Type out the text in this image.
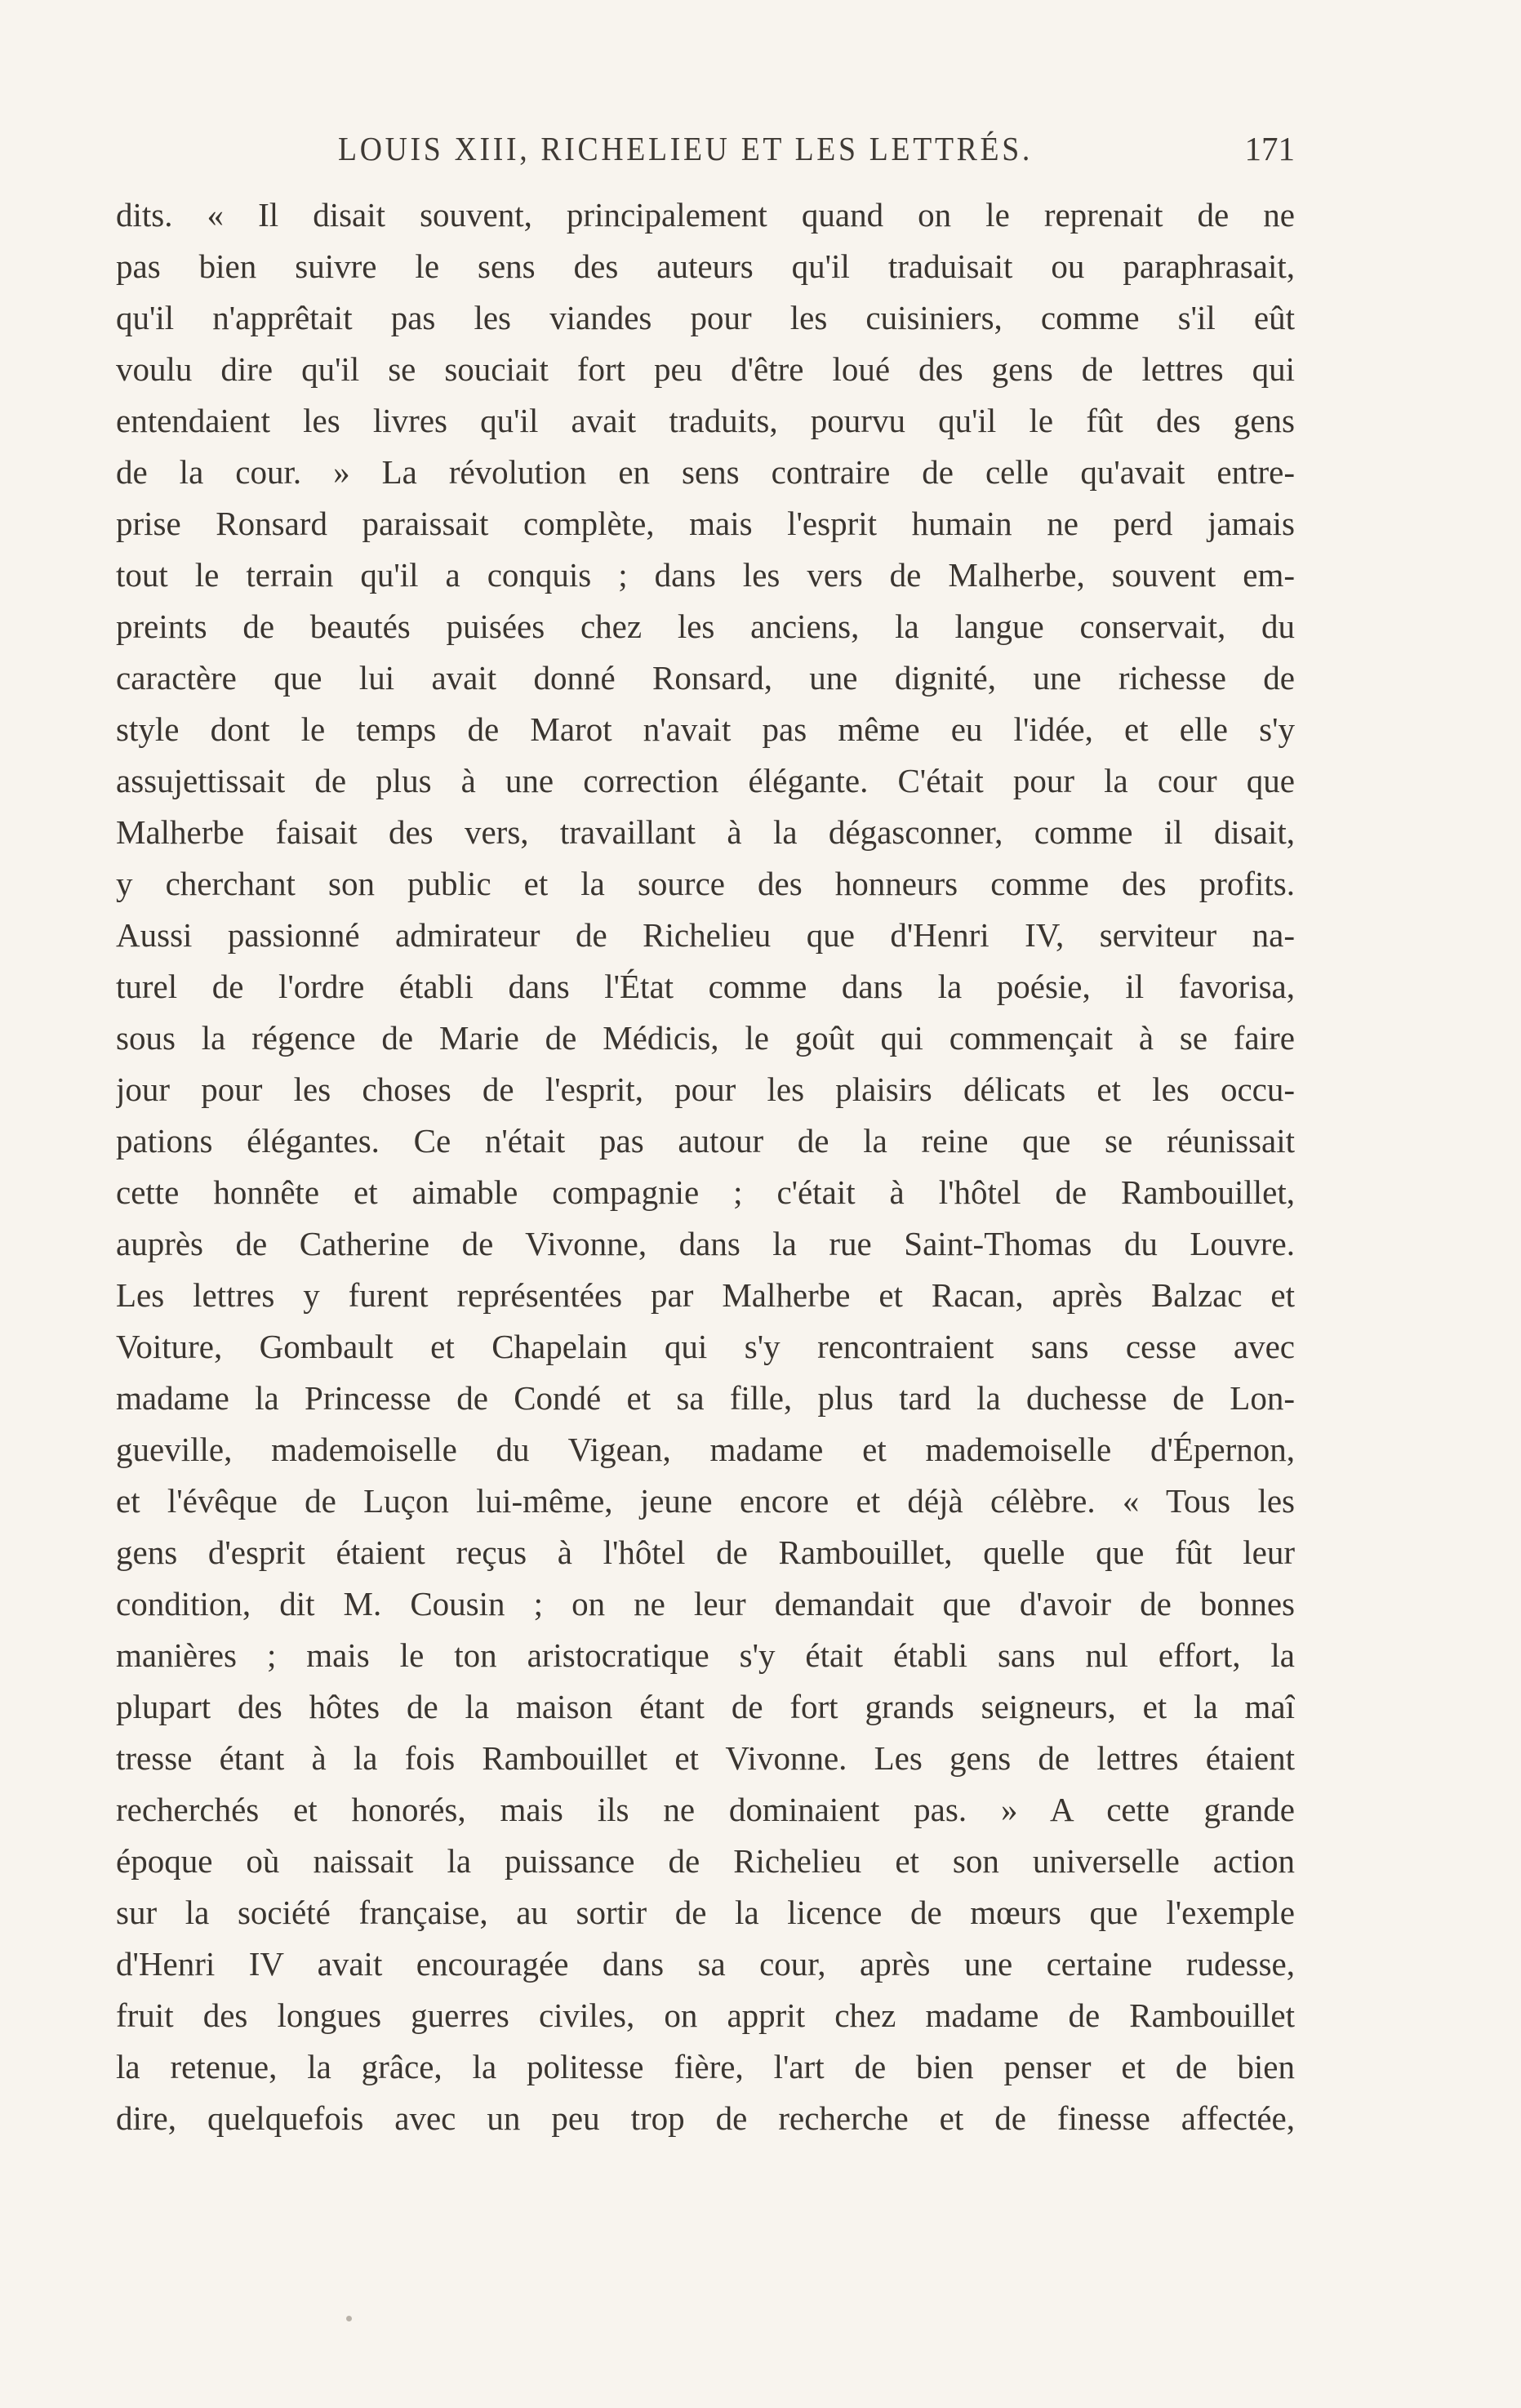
LOUIS XIII, RICHELIEU ET LES LETTRÉS.	171
dits. « Il disait souvent, principalement quand on le reprenait de ne
pas bien suivre le sens des auteurs qu'il traduisait ou paraphrasait,
qu'il n'apprêtait pas les viandes pour les cuisiniers, comme s'il eût
voulu dire qu'il se souciait fort peu d'être loué des gens de lettres qui
entendaient les livres qu'il avait traduits, pourvu qu'il le fût des gens
de la cour. » La révolution en sens contraire de celle qu'avait entre-
prise Ronsard paraissait complète, mais l'esprit humain ne perd jamais
tout le terrain qu'il a conquis ; dans les vers de Malherbe, souvent em-
preints de beautés puisées chez les anciens, la langue conservait, du
caractère que lui avait donné Ronsard, une dignité, une richesse de
style dont le temps de Marot n'avait pas même eu l'idée, et elle s'y
assujettissait de plus à une correction élégante. C'était pour la cour que
Malherbe faisait des vers, travaillant à la dégasconner, comme il disait,
y cherchant son public et la source des honneurs comme des profits.
Aussi passionné admirateur de Richelieu que d'Henri IV, serviteur na-
turel de l'ordre établi dans l'État comme dans la poésie, il favorisa,
sous la régence de Marie de Médicis, le goût qui commençait à se faire
jour pour les choses de l'esprit, pour les plaisirs délicats et les occu-
pations élégantes. Ce n'était pas autour de la reine que se réunissait
cette honnête et aimable compagnie ; c'était à l'hôtel de Rambouillet,
auprès de Catherine de Vivonne, dans la rue Saint-Thomas du Louvre.
Les lettres y furent représentées par Malherbe et Racan, après Balzac et
Voiture, Gombault et Chapelain qui s'y rencontraient sans cesse avec
madame la Princesse de Condé et sa fille, plus tard la duchesse de Lon-
gueville, mademoiselle du Vigean, madame et mademoiselle d'Épernon,
et l'évêque de Luçon lui-même, jeune encore et déjà célèbre. « Tous les
gens d'esprit étaient reçus à l'hôtel de Rambouillet, quelle que fût leur
condition, dit M. Cousin ; on ne leur demandait que d'avoir de bonnes
manières ; mais le ton aristocratique s'y était établi sans nul effort, la
plupart des hôtes de la maison étant de fort grands seigneurs, et la maî
tresse étant à la fois Rambouillet et Vivonne. Les gens de lettres étaient
recherchés et honorés, mais ils ne dominaient pas. » A cette grande
époque où naissait la puissance de Richelieu et son universelle action
sur la société française, au sortir de la licence de mœurs que l'exemple
d'Henri IV avait encouragée dans sa cour, après une certaine rudesse,
fruit des longues guerres civiles, on apprit chez madame de Rambouillet
la retenue, la grâce, la politesse fière, l'art de bien penser et de bien
dire, quelquefois avec un peu trop de recherche et de finesse affectée,
